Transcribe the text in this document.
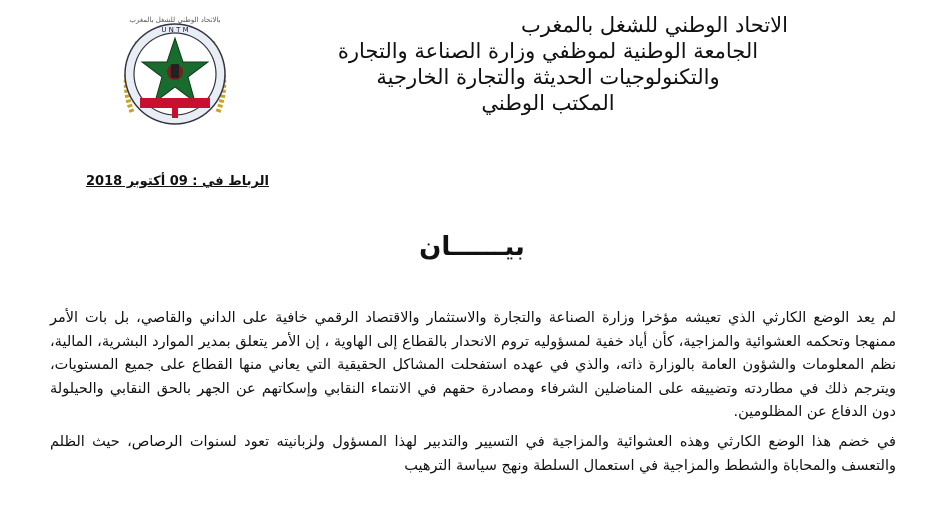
بالاتحاد الوطني للشغل بالمغرب
U N T M	الاتحاد الوطني للشغل بالمغرب
الجامعة الوطنية لموظفي وزارة الصناعة والتجارة
والتكنولوجيات الحديثة والتجارة الخارجية
المكتب الوطني
الرباط في : 09 أكتوبر 2018
بيــــــان

لم يعد الوضع الكارثي الذي تعيشه مؤخرا وزارة الصناعة والتجارة والاستثمار والاقتصاد الرقمي خافية على الداني والقاصي، بل بات الأمر ممنهجا وتحكمه العشوائية والمزاجية، كأن أياد خفية لمسؤوليه تروم الانحدار بالقطاع إلى الهاوية ، إن الأمر يتعلق بمدير الموارد البشرية، المالية، نظم المعلومات والشؤون العامة بالوزارة ذاته، والذي في عهده استفحلت المشاكل الحقيقية التي يعاني منها القطاع على جميع المستويات، ويترجم ذلك في مطاردته وتضييقه على المناضلين الشرفاء ومصادرة حقهم في الانتماء النقابي وإسكاتهم عن الجهر بالحق النقابي والحيلولة دون الدفاع عن المظلومين.

في خضم هذا الوضع الكارثي وهذه العشوائية والمزاجية في التسيير والتدبير لهذا المسؤول ولزبانيته تعود لسنوات الرصاص، حيث الظلم والتعسف والمحاباة والشطط والمزاجية في استعمال السلطة ونهج سياسة الترهيب
